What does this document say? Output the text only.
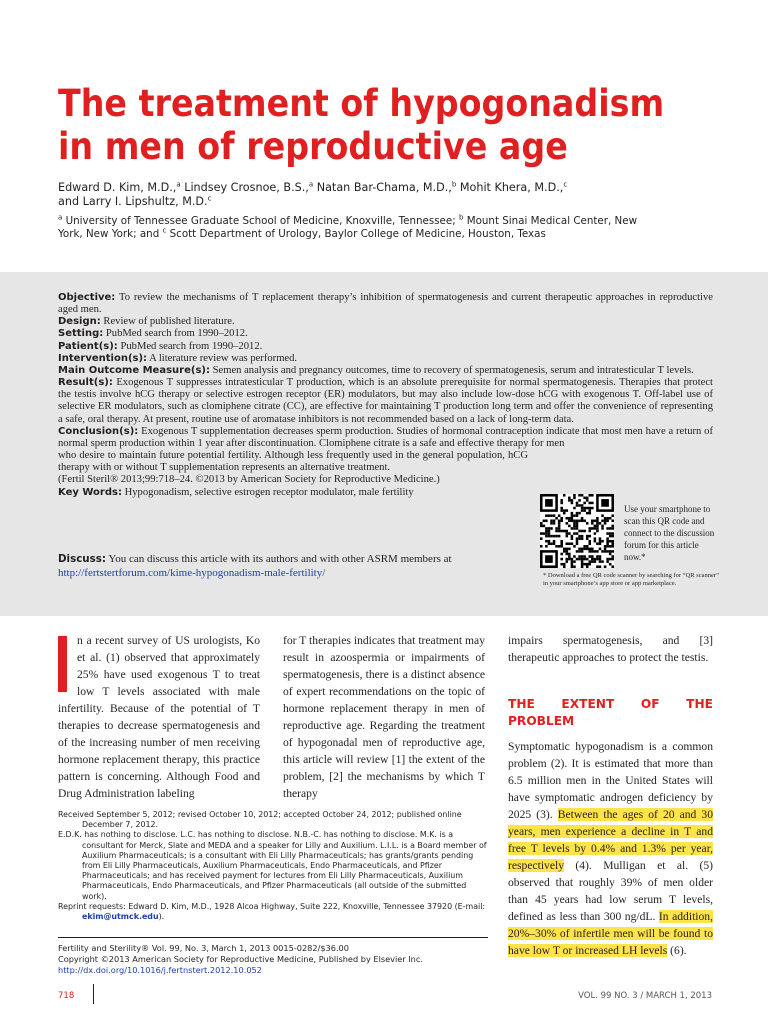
The treatment of hypogonadism in men of reproductive age
Edward D. Kim, M.D.,$^a$ Lindsey Crosnoe, B.S.,$^a$ Natan Bar-Chama, M.D.,$^b$ Mohit Khera, M.D.,$^c$
and Larry I. Lipshultz, M.D.$^c$
$^a$ University of Tennessee Graduate School of Medicine, Knoxville, Tennessee; $^b$ Mount Sinai Medical Center, New York, New York; and $^c$ Scott Department of Urology, Baylor College of Medicine, Houston, Texas

Objective: To review the mechanisms of T replacement therapy’s inhibition of spermatogenesis and current therapeutic approaches in reproductive aged men.

Design: Review of published literature.

Setting: PubMed search from 1990–2012.

Patient(s): PubMed search from 1990–2012.

Intervention(s): A literature review was performed.

Main Outcome Measure(s): Semen analysis and pregnancy outcomes, time to recovery of spermatogenesis, serum and intratesticular T levels.

Result(s): Exogenous T suppresses intratesticular T production, which is an absolute prerequisite for normal spermatogenesis. Therapies that protect the testis involve hCG therapy or selective estrogen receptor (ER) modulators, but may also include low-dose hCG with exogenous T. Off-label use of selective ER modulators, such as clomiphene citrate (CC), are effective for maintaining T production long term and offer the convenience of representing a safe, oral therapy. At present, routine use of aromatase inhibitors is not recommended based on a lack of long-term data.

Conclusion(s): Exogenous T supplementation decreases sperm production. Studies of hormonal contraception indicate that most men have a return of normal sperm production within 1 year after discontinuation. Clomiphene citrate is a safe and effective therapy for men

who desire to maintain future potential fertility. Although less frequently used in the general population, hCG therapy with or without T supplementation represents an alternative treatment.

(Fertil Steril® 2013;99:718–24. ©2013 by American Society for Reproductive Medicine.)

Key Words: Hypogonadism, selective estrogen receptor modulator, male fertility

Discuss: You can discuss this article with its authors and with other ASRM members at http://fertstertforum.com/kime-hypogonadism-male-fertility/
Use your smartphone to scan this QR code and connect to the discussion forum for this article now.*
* Download a free QR code scanner by searching for “QR scanner” in your smartphone’s app store or app marketplace.

n a recent survey of US urologists, Ko et al. (1) observed that approximately 25% have used exogenous T to treat low T levels associated with male infertility. Because of the potential of T therapies to decrease spermatogenesis and of the increasing number of men receiving hormone replacement therapy, this practice pattern is concerning. Although Food and Drug Administration labeling

for T therapies indicates that treatment may result in azoospermia or impairments of spermatogenesis, there is a distinct absence of expert recommendations on the topic of hormone replacement therapy in men of reproductive age. Regarding the treatment of hypogonadal men of reproductive age, this article will review [1] the extent of the problem, [2] the mechanisms by which T therapy

impairs spermatogenesis, and [3] therapeutic approaches to protect the testis.

THE EXTENT OF THE PROBLEM

Symptomatic hypogonadism is a common problem (2). It is estimated that more than 6.5 million men in the United States will have symptomatic androgen deficiency by 2025 (3). Between the ages of 20 and 30 years, men experience a decline in T and free T levels by 0.4% and 1.3% per year, respectively (4). Mulligan et al. (5) observed that roughly 39% of men older than 45 years had low serum T levels, defined as less than 300 ng/dL. In addition, 20%–30% of infertile men will be found to have low T or increased LH levels (6).

Received September 5, 2012; revised October 10, 2012; accepted October 24, 2012; published online December 7, 2012.

E.D.K. has nothing to disclose. L.C. has nothing to disclose. N.B.-C. has nothing to disclose. M.K. is a consultant for Merck, Slate and MEDA and a speaker for Lilly and Auxilium. L.I.L. is a Board member of Auxilium Pharmaceuticals; is a consultant with Eli Lilly Pharmaceuticals; has grants/grants pending from Eli Lilly Pharmaceuticals, Auxilium Pharmaceuticals, Endo Pharmaceuticals, and Pfizer Pharmaceuticals; and has received payment for lectures from Eli Lilly Pharmaceuticals, Auxilium Pharmaceuticals, Endo Pharmaceuticals, and Pfizer Pharmaceuticals (all outside of the submitted work).

Reprint requests: Edward D. Kim, M.D., 1928 Alcoa Highway, Suite 222, Knoxville, Tennessee 37920 (E-mail: ekim@utmck.edu).

Fertility and Sterility® Vol. 99, No. 3, March 1, 2013 0015-0282/$36.00
Copyright ©2013 American Society for Reproductive Medicine, Published by Elsevier Inc.
http://dx.doi.org/10.1016/j.fertnstert.2012.10.052
718	VOL. 99 NO. 3 / MARCH 1, 2013
